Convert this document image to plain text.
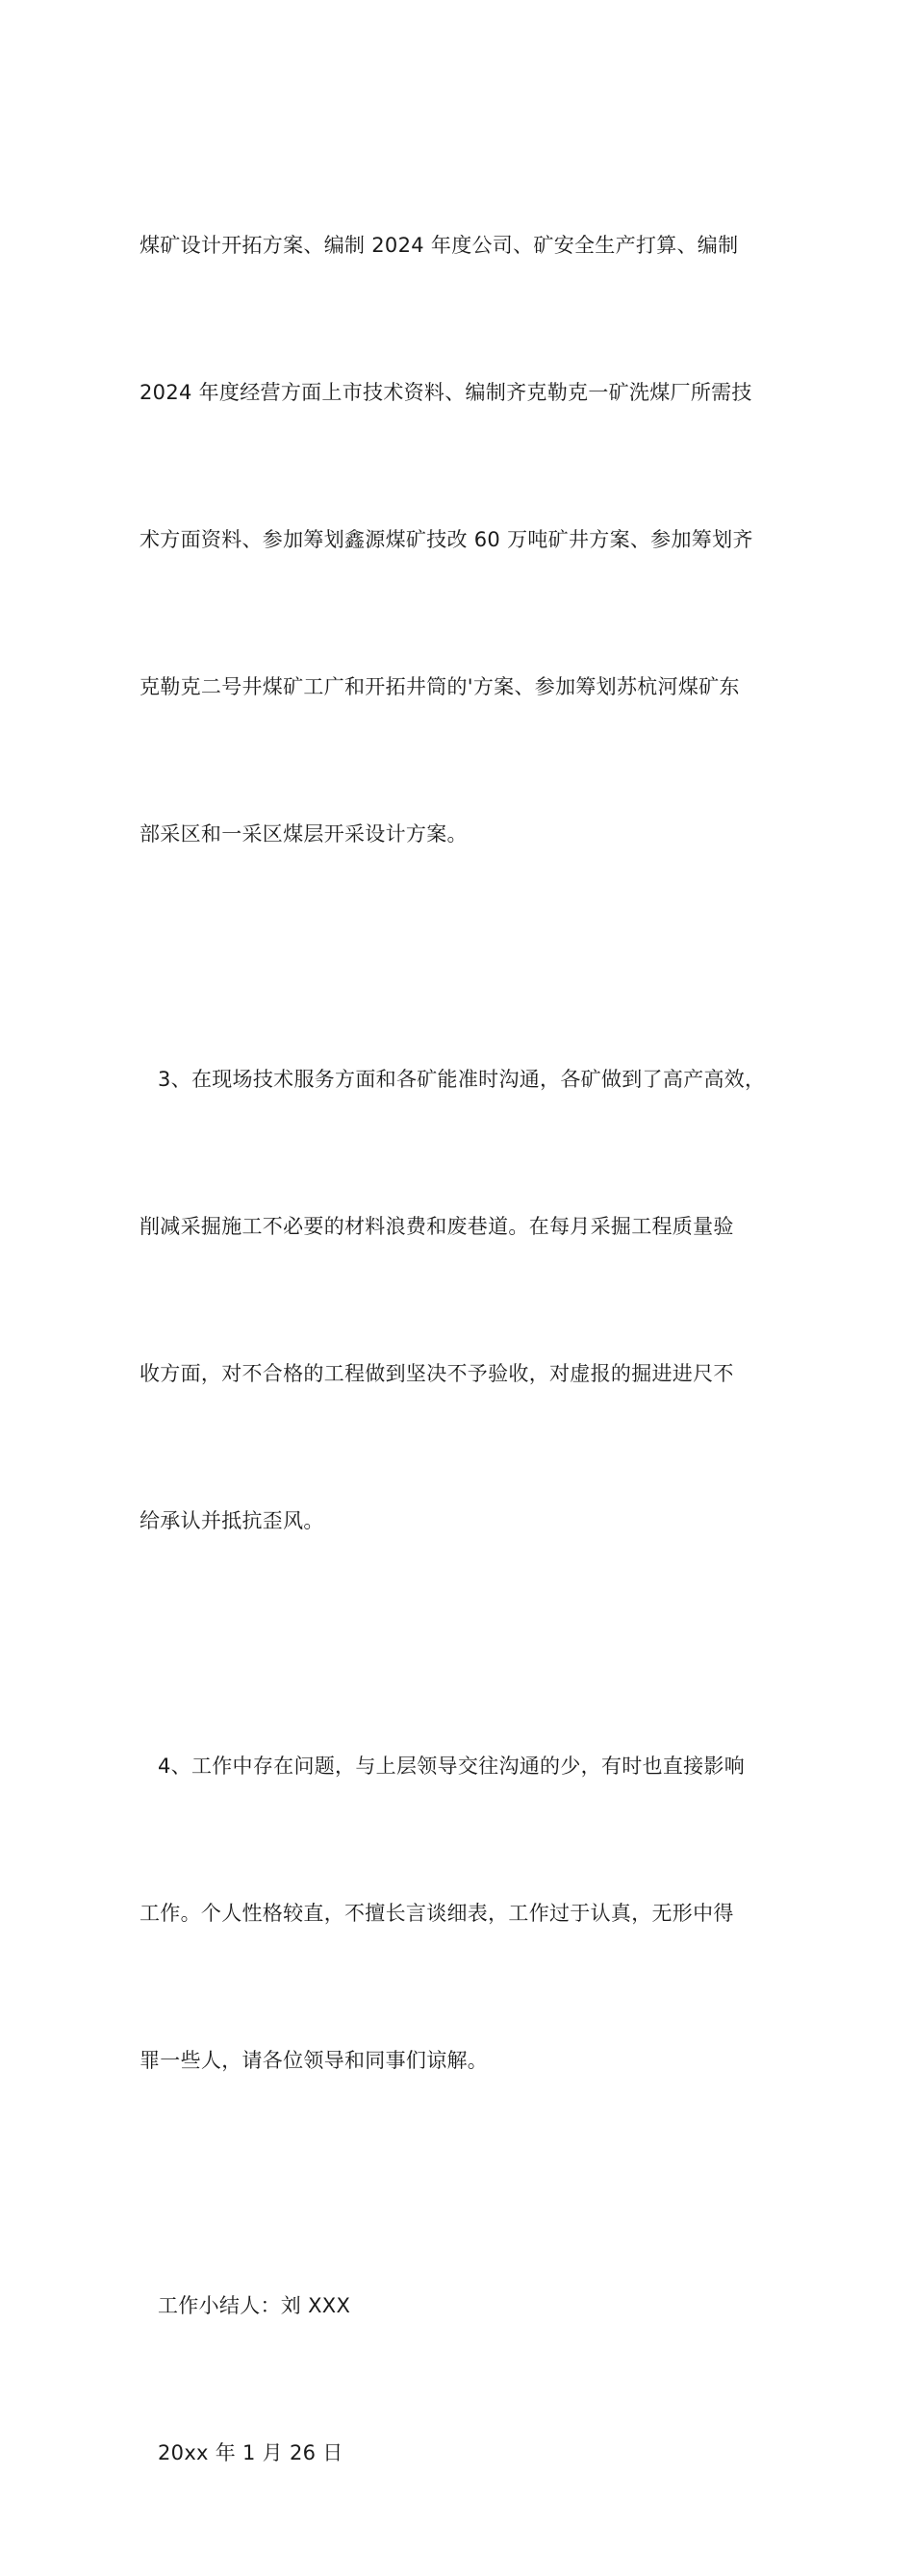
煤矿设计开拓方案、编制 2024 年度公司、矿安全生产打算、编制

2024 年度经营方面上市技术资料、编制齐克勒克一矿洗煤厂所需技

术方面资料、参加筹划鑫源煤矿技改 60 万吨矿井方案、参加筹划齐

克勒克二号井煤矿工广和开拓井筒的'方案、参加筹划苏杭河煤矿东

部采区和一采区煤层开采设计方案。

3、在现场技术服务方面和各矿能准时沟通，各矿做到了高产高效，

削减采掘施工不必要的材料浪费和废巷道。在每月采掘工程质量验

收方面，对不合格的工程做到坚决不予验收，对虚报的掘进进尺不

给承认并抵抗歪风。

4、工作中存在问题，与上层领导交往沟通的少，有时也直接影响

工作。个人性格较直，不擅长言谈细表，工作过于认真，无形中得

罪一些人，请各位领导和同事们谅解。

工作小结人：刘 XXX

20xx 年 1 月 26 日
